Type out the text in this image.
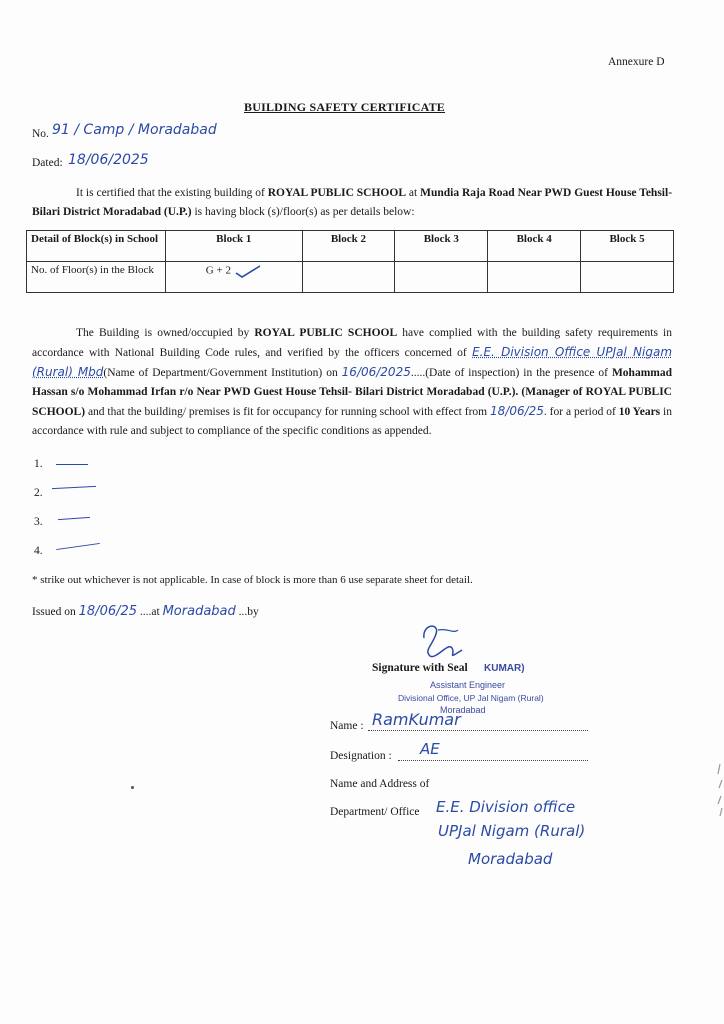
Annexure D
BUILDING SAFETY CERTIFICATE
No. 91 / Camp / Moradabad
Dated: 18/06/2025

It is certified that the existing building of ROYAL PUBLIC SCHOOL at Mundia Raja Road Near PWD Guest House Tehsil- Bilari District Moradabad (U.P.) is having block (s)/floor(s) as per details below:

Detail of Block(s) in School	Block 1	Block 2	Block 3	Block 4	Block 5
No. of Floor(s) in the Block	G + 2				

The Building is owned/occupied by ROYAL PUBLIC SCHOOL have complied with the building safety requirements in accordance with National Building Code rules, and verified by the officers concerned of E.E. Division Office UPJal Nigam (Rural) Mbd(Name of Department/Government Institution) on 16/06/2025.....(Date of inspection) in the presence of Mohammad Hassan s/o Mohammad Irfan r/o Near PWD Guest House Tehsil- Bilari District Moradabad (U.P.). (Manager of ROYAL PUBLIC SCHOOL) and that the building/ premises is fit for occupancy for running school with effect from 18/06/25. for a period of 10 Years in accordance with rule and subject to compliance of the specific conditions as appended.

1.
2.
3.
4.
* strike out whichever is not applicable. In case of block is more than 6 use separate sheet for detail.
Issued on 18/06/25 ....at Moradabad ...by
Signature with Seal KUMAR)
Assistant Engineer
Divisional Office, UP Jal Nigam (Rural)
Moradabad
Name : RamKumar
Designation : AE
Name and Address of
Department/ Office E.E. Division office
UPJal Nigam (Rural)
Moradabad
